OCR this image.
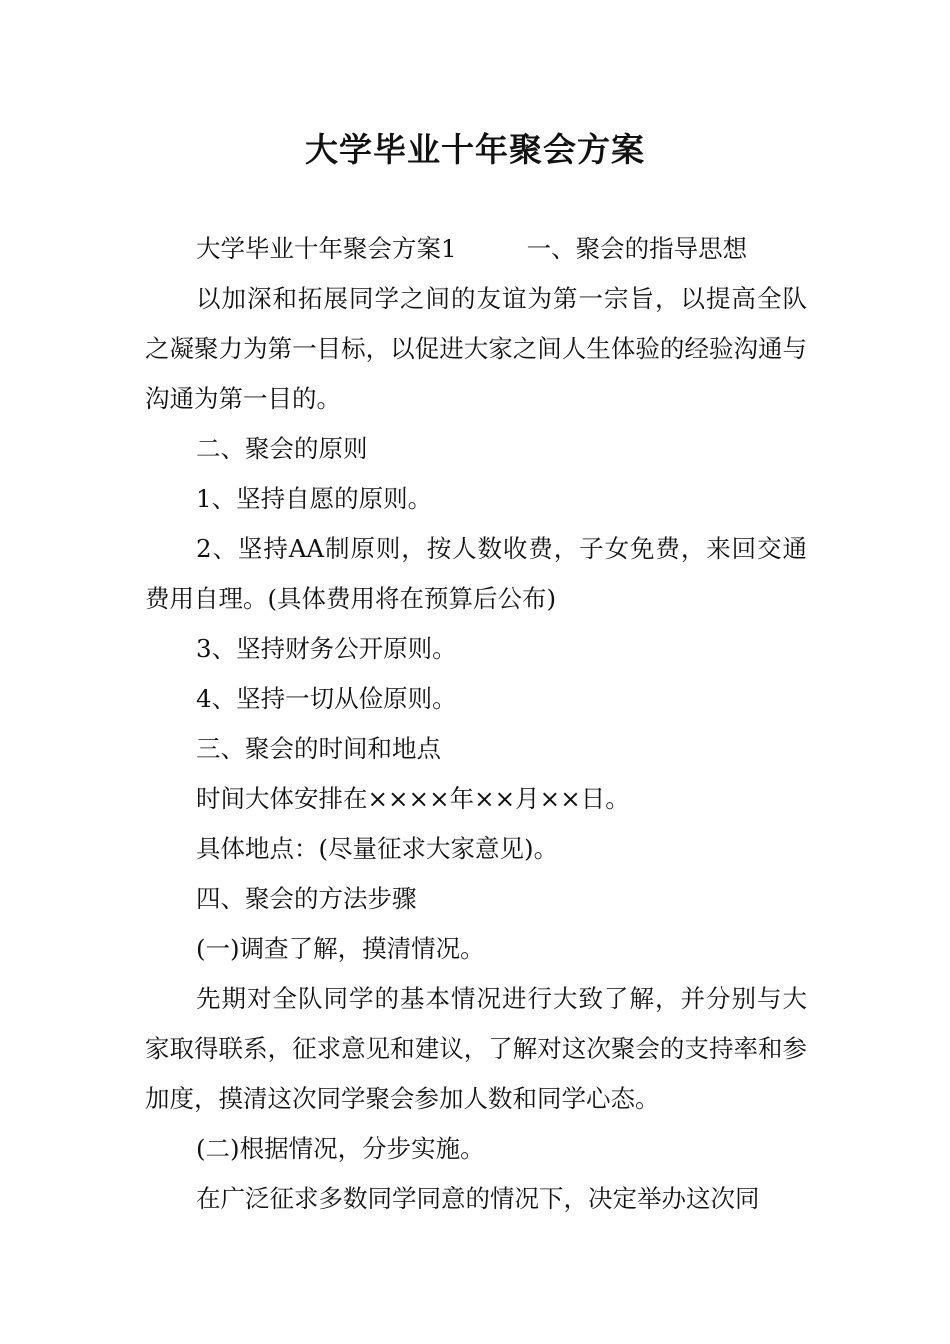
大学毕业十年聚会方案

大学毕业十年聚会方案1	一、聚会的指导思想

以加深和拓展同学之间的友谊为第一宗旨，以提高全队之凝聚力为第一目标，以促进大家之间人生体验的经验沟通与沟通为第一目的。

二、聚会的原则

1、坚持自愿的原则。

2、坚持AA制原则，按人数收费，子女免费，来回交通费用自理。(具体费用将在预算后公布)

3、坚持财务公开原则。

4、坚持一切从俭原则。

三、聚会的时间和地点

时间大体安排在××××年××月××日。

具体地点：(尽量征求大家意见)。

四、聚会的方法步骤

(一)调查了解，摸清情况。

先期对全队同学的基本情况进行大致了解，并分别与大家取得联系，征求意见和建议，了解对这次聚会的支持率和参加度，摸清这次同学聚会参加人数和同学心态。

(二)根据情况，分步实施。

在广泛征求多数同学同意的情况下，决定举办这次同
